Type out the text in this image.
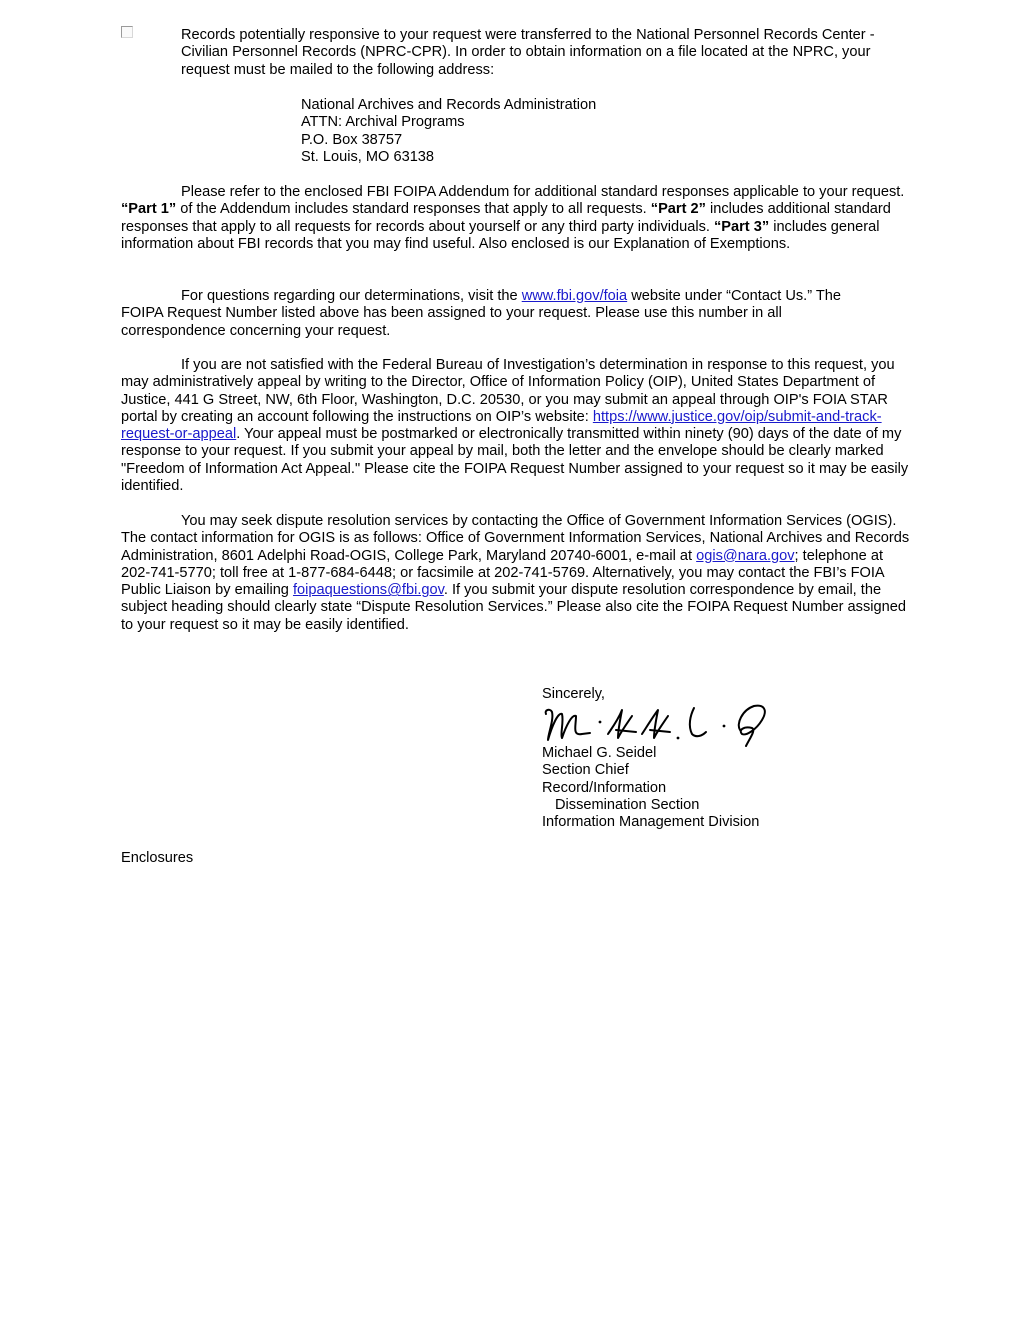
Records potentially responsive to your request were transferred to the National Personnel Records Center - Civilian Personnel Records (NPRC-CPR). In order to obtain information on a file located at the NPRC, your request must be mailed to the following address:

National Archives and Records Administration
ATTN: Archival Programs
P.O. Box 38757
St. Louis, MO 63138

Please refer to the enclosed FBI FOIPA Addendum for additional standard responses applicable to your request. “Part 1” of the Addendum includes standard responses that apply to all requests. “Part 2” includes additional standard responses that apply to all requests for records about yourself or any third party individuals. “Part 3” includes general information about FBI records that you may find useful. Also enclosed is our Explanation of Exemptions.

For questions regarding our determinations, visit the www.fbi.gov/foia website under “Contact Us.” The FOIPA Request Number listed above has been assigned to your request. Please use this number in all correspondence concerning your request.

If you are not satisfied with the Federal Bureau of Investigation’s determination in response to this request, you may administratively appeal by writing to the Director, Office of Information Policy (OIP), United States Department of Justice, 441 G Street, NW, 6th Floor, Washington, D.C. 20530, or you may submit an appeal through OIP's FOIA STAR portal by creating an account following the instructions on OIP’s website: https://www.justice.gov/oip/submit-and-track-request-or-appeal. Your appeal must be postmarked or electronically transmitted within ninety (90) days of the date of my response to your request. If you submit your appeal by mail, both the letter and the envelope should be clearly marked "Freedom of Information Act Appeal." Please cite the FOIPA Request Number assigned to your request so it may be easily identified.

You may seek dispute resolution services by contacting the Office of Government Information Services (OGIS). The contact information for OGIS is as follows: Office of Government Information Services, National Archives and Records Administration, 8601 Adelphi Road-OGIS, College Park, Maryland 20740-6001, e-mail at ogis@nara.gov; telephone at 202-741-5770; toll free at 1-877-684-6448; or facsimile at 202-741-5769. Alternatively, you may contact the FBI’s FOIA Public Liaison by emailing foipaquestions@fbi.gov. If you submit your dispute resolution correspondence by email, the subject heading should clearly state “Dispute Resolution Services.” Please also cite the FOIPA Request Number assigned to your request so it may be easily identified.

Sincerely,
Michael G. Seidel
Section Chief
Record/Information
Dissemination Section
Information Management Division
Enclosures
